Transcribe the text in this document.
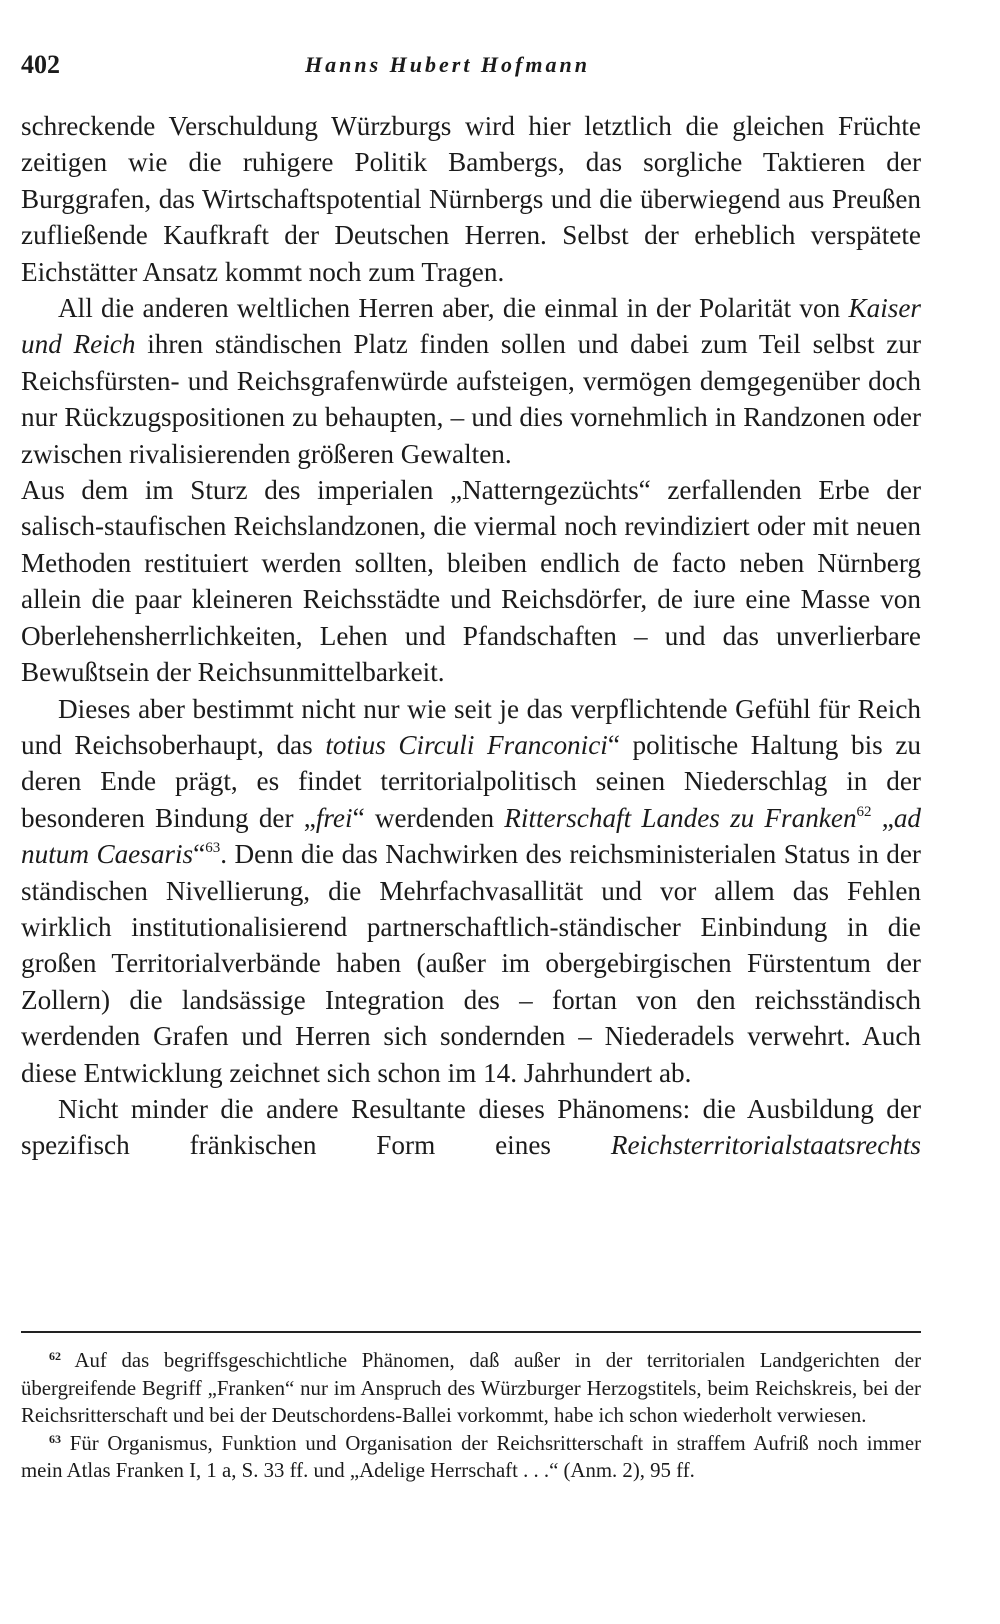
402	Hanns Hubert Hofmann

schreckende Verschuldung Würzburgs wird hier letztlich die gleichen Früchte zeitigen wie die ruhigere Politik Bambergs, das sorgliche Taktieren der Burggrafen, das Wirtschaftspotential Nürnbergs und die überwiegend aus Preußen zufließende Kaufkraft der Deutschen Herren. Selbst der erheblich verspätete Eichstätter Ansatz kommt noch zum Tragen.

All die anderen weltlichen Herren aber, die einmal in der Polarität von Kaiser und Reich ihren ständischen Platz finden sollen und dabei zum Teil selbst zur Reichsfürsten- und Reichsgrafenwürde aufsteigen, vermögen demgegenüber doch nur Rückzugspositionen zu behaupten, – und dies vornehmlich in Randzonen oder zwischen rivalisierenden größeren Gewalten.

Aus dem im Sturz des imperialen „Natterngezüchts“ zerfallenden Erbe der salisch-staufischen Reichslandzonen, die viermal noch revindiziert oder mit neuen Methoden restituiert werden sollten, bleiben endlich de facto neben Nürnberg allein die paar kleineren Reichsstädte und Reichsdörfer, de iure eine Masse von Oberlehensherrlichkeiten, Lehen und Pfandschaften – und das unverlierbare Bewußtsein der Reichsunmittelbarkeit.

Dieses aber bestimmt nicht nur wie seit je das verpflichtende Gefühl für Reich und Reichsoberhaupt, das totius Circuli Franconici“ politische Haltung bis zu deren Ende prägt, es findet territorialpolitisch seinen Niederschlag in der besonderen Bindung der „frei“ werdenden Ritterschaft Landes zu Franken$^{62}$ „ad nutum Caesaris“$^{63}$. Denn die das Nachwirken des reichsministerialen Status in der ständischen Nivellierung, die Mehrfachvasallität und vor allem das Fehlen wirklich institutionalisierend partnerschaftlich-ständischer Einbindung in die großen Territorialverbände haben (außer im obergebirgischen Fürstentum der Zollern) die landsässige Integration des – fortan von den reichsständisch werdenden Grafen und Herren sich sondernden – Niederadels verwehrt. Auch diese Entwicklung zeichnet sich schon im 14. Jahrhundert ab.

Nicht minder die andere Resultante dieses Phänomens: die Ausbildung der spezifisch fränkischen Form eines Reichsterritorialstaatsrechts

$^{62}$ Auf das begriffsgeschichtliche Phänomen, daß außer in der territorialen Landgerichten der übergreifende Begriff „Franken“ nur im Anspruch des Würzburger Herzogstitels, beim Reichskreis, bei der Reichsritterschaft und bei der Deutschordens-Ballei vorkommt, habe ich schon wiederholt verwiesen.

$^{63}$ Für Organismus, Funktion und Organisation der Reichsritterschaft in straffem Aufriß noch immer mein Atlas Franken I, 1 a, S. 33 ff. und „Adelige Herrschaft . . .“ (Anm. 2), 95 ff.
